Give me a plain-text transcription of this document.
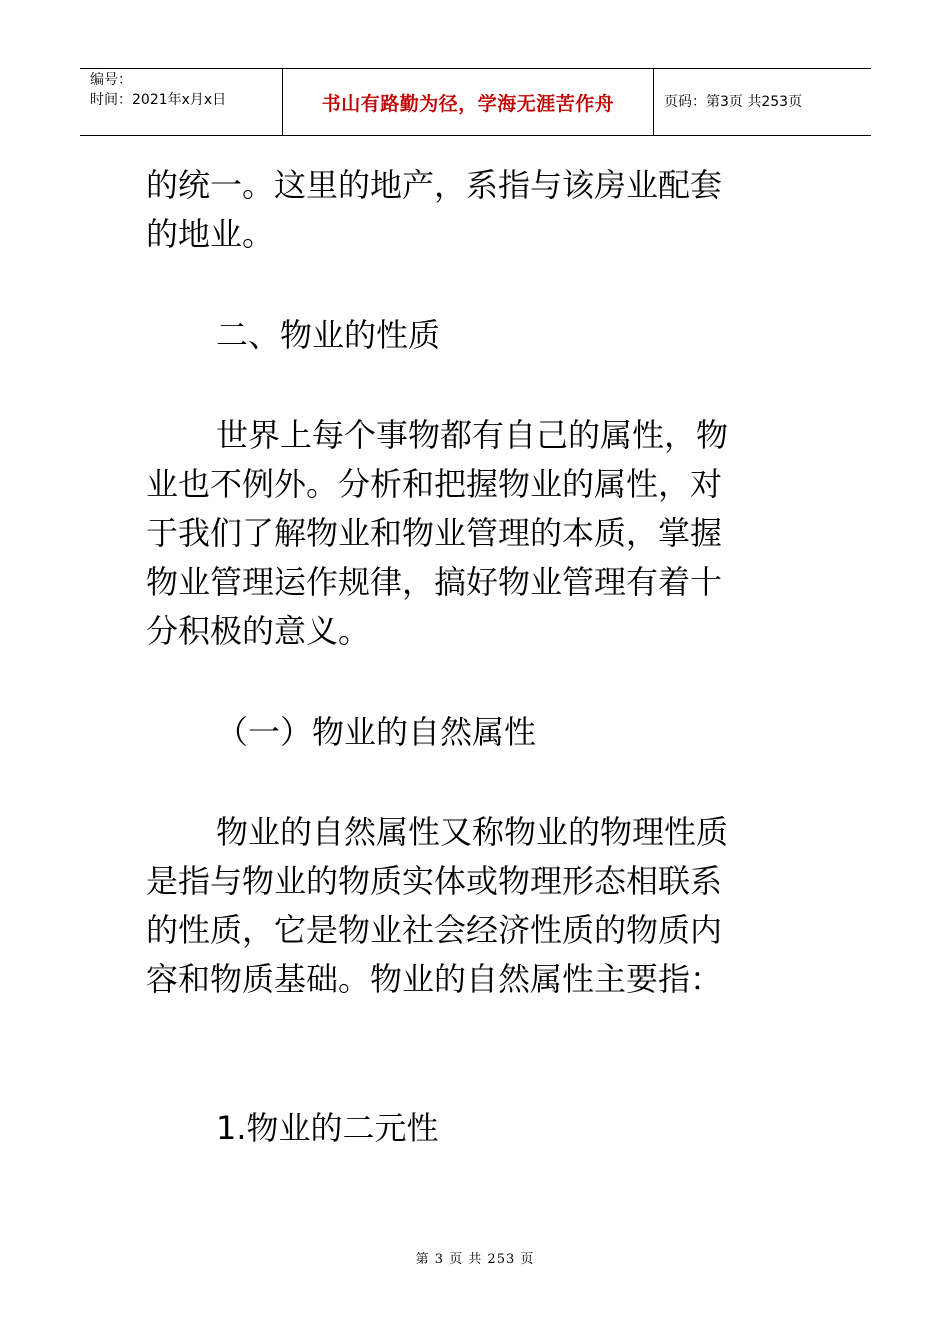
编号：
时间：2021年x月x日	书山有路勤为径，学海无涯苦作舟	页码：第3页 共253页
的统一。这里的地产，系指与该房业配套
的地业。
二、物业的性质
世界上每个事物都有自己的属性，物
业也不例外。分析和把握物业的属性，对
于我们了解物业和物业管理的本质，掌握
物业管理运作规律，搞好物业管理有着十
分积极的意义。
（一）物业的自然属性
物业的自然属性又称物业的物理性质
是指与物业的物质实体或物理形态相联系
的性质，它是物业社会经济性质的物质内
容和物质基础。物业的自然属性主要指：
1.物业的二元性
第 3 页 共 253 页
